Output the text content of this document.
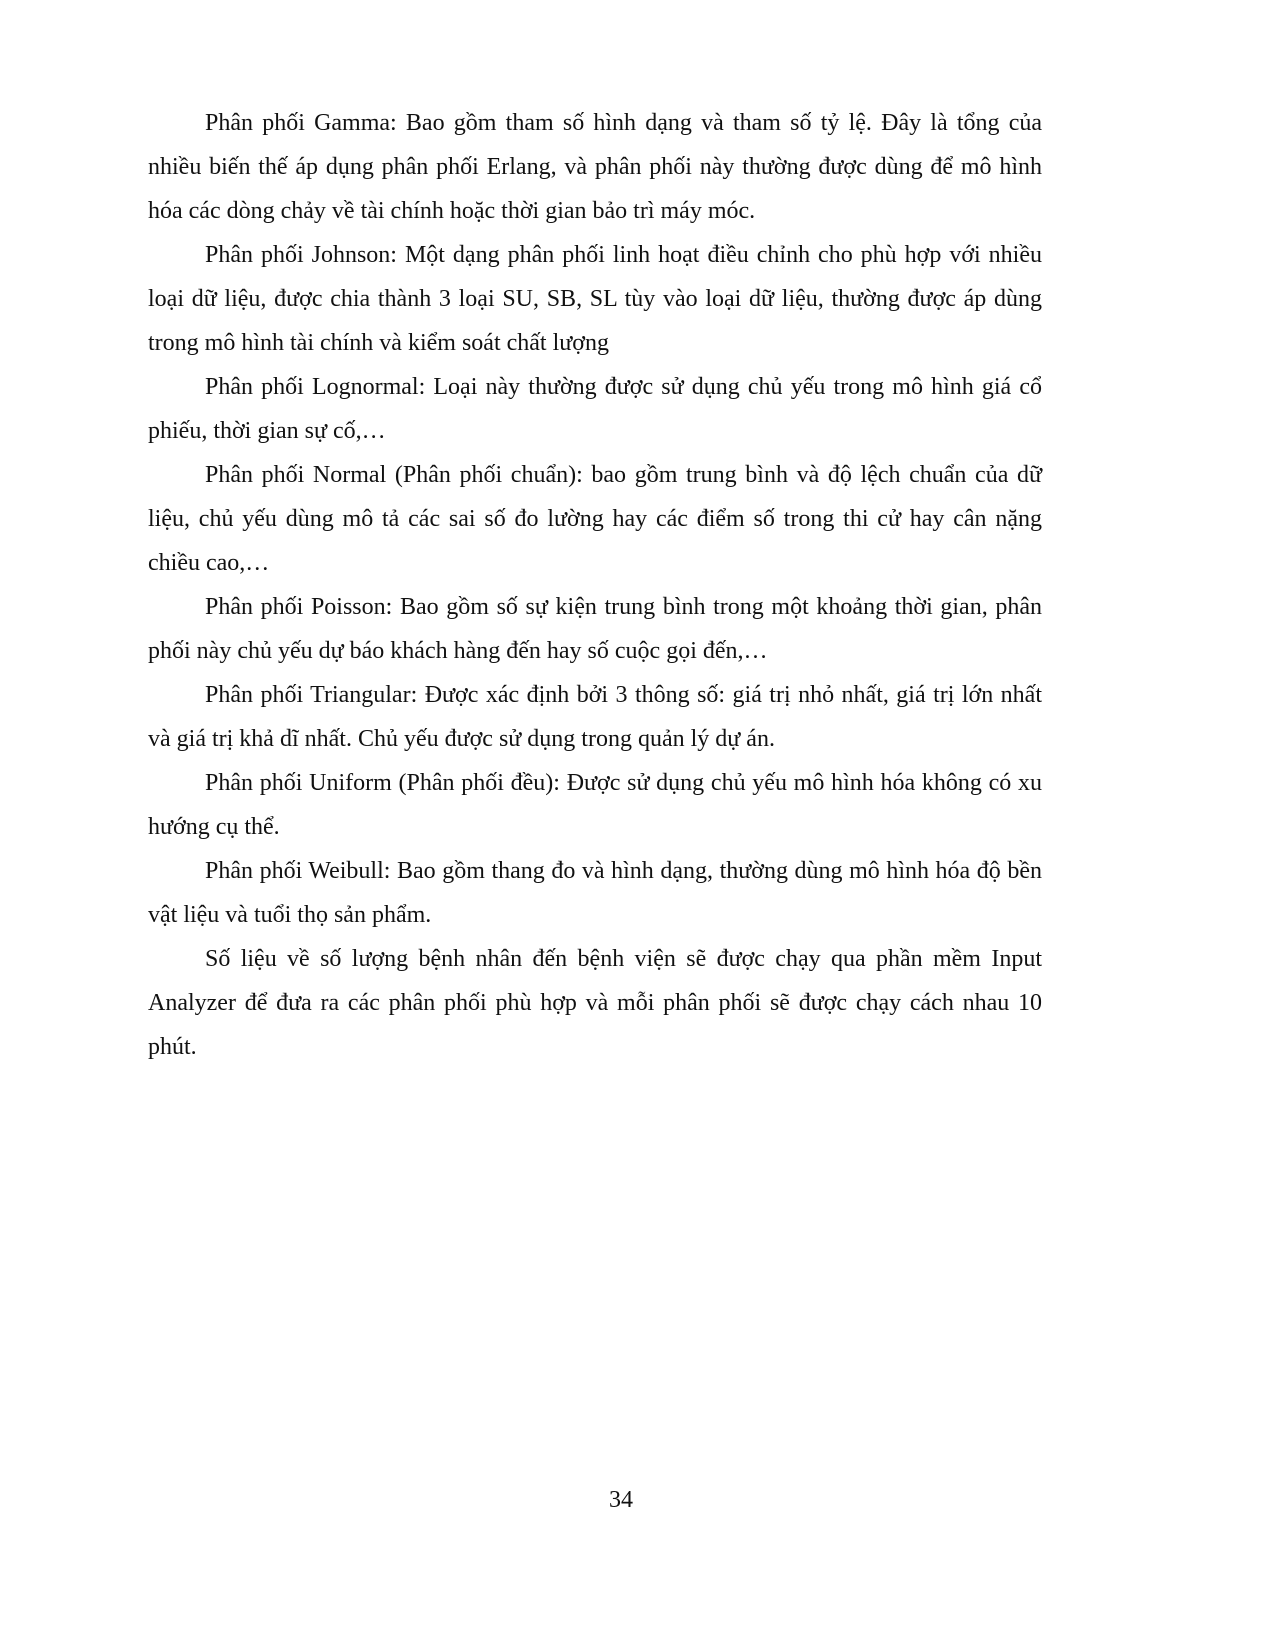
Phân phối Gamma: Bao gồm tham số hình dạng và tham số tỷ lệ. Đây là tổng của nhiều biến thế áp dụng phân phối Erlang, và phân phối này thường được dùng để mô hình hóa các dòng chảy về tài chính hoặc thời gian bảo trì máy móc.

Phân phối Johnson: Một dạng phân phối linh hoạt điều chỉnh cho phù hợp với nhiều loại dữ liệu, được chia thành 3 loại SU, SB, SL tùy vào loại dữ liệu, thường được áp dùng trong mô hình tài chính và kiểm soát chất lượng

Phân phối Lognormal: Loại này thường được sử dụng chủ yếu trong mô hình giá cổ phiếu, thời gian sự cố,…

Phân phối Normal (Phân phối chuẩn): bao gồm trung bình và độ lệch chuẩn của dữ liệu, chủ yếu dùng mô tả các sai số đo lường hay các điểm số trong thi cử hay cân nặng chiều cao,…

Phân phối Poisson: Bao gồm số sự kiện trung bình trong một khoảng thời gian, phân phối này chủ yếu dự báo khách hàng đến hay số cuộc gọi đến,…

Phân phối Triangular: Được xác định bởi 3 thông số: giá trị nhỏ nhất, giá trị lớn nhất và giá trị khả dĩ nhất. Chủ yếu được sử dụng trong quản lý dự án.

Phân phối Uniform (Phân phối đều): Được sử dụng chủ yếu mô hình hóa không có xu hướng cụ thể.

Phân phối Weibull: Bao gồm thang đo và hình dạng, thường dùng mô hình hóa độ bền vật liệu và tuổi thọ sản phẩm.

Số liệu về số lượng bệnh nhân đến bệnh viện sẽ được chạy qua phần mềm Input Analyzer để đưa ra các phân phối phù hợp và mỗi phân phối sẽ được chạy cách nhau 10 phút.

34
